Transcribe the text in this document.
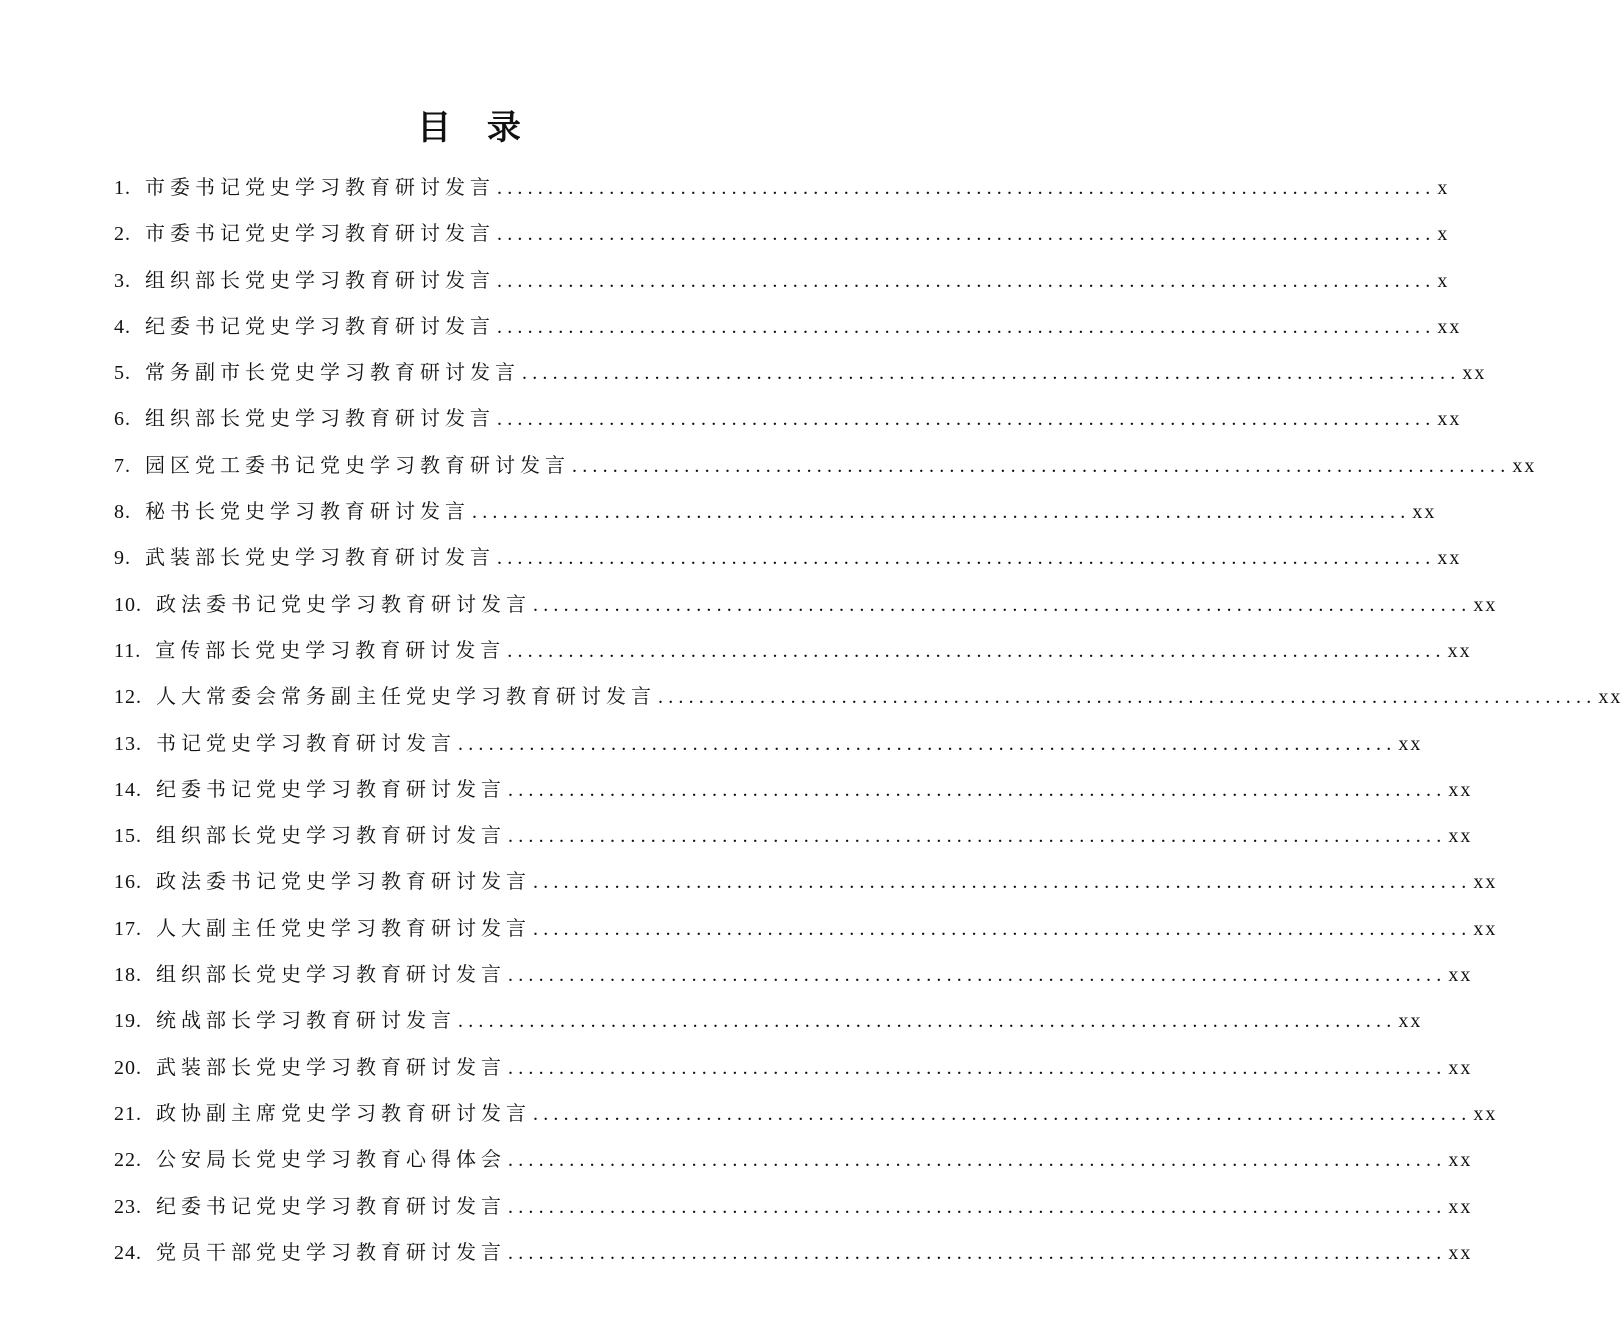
目 录
1. 市委书记党史学习教育研讨发言 ............................................................................................ x
2. 市委书记党史学习教育研讨发言 ............................................................................................ x
3. 组织部长党史学习教育研讨发言 ............................................................................................ x
4. 纪委书记党史学习教育研讨发言 ............................................................................................ xx
5. 常务副市长党史学习教育研讨发言 ............................................................................................ xx
6. 组织部长党史学习教育研讨发言 ............................................................................................ xx
7. 园区党工委书记党史学习教育研讨发言 ............................................................................................ xx
8. 秘书长党史学习教育研讨发言 ............................................................................................ xx
9. 武装部长党史学习教育研讨发言 ............................................................................................ xx
10. 政法委书记党史学习教育研讨发言 ............................................................................................ xx
11. 宣传部长党史学习教育研讨发言 ............................................................................................ xx
12. 人大常委会常务副主任党史学习教育研讨发言 ............................................................................................ xx
13. 书记党史学习教育研讨发言 ............................................................................................ xx
14. 纪委书记党史学习教育研讨发言 ............................................................................................ xx
15. 组织部长党史学习教育研讨发言 ............................................................................................ xx
16. 政法委书记党史学习教育研讨发言 ............................................................................................ xx
17. 人大副主任党史学习教育研讨发言 ............................................................................................ xx
18. 组织部长党史学习教育研讨发言 ............................................................................................ xx
19. 统战部长学习教育研讨发言 ............................................................................................ xx
20. 武装部长党史学习教育研讨发言 ............................................................................................ xx
21. 政协副主席党史学习教育研讨发言 ............................................................................................ xx
22. 公安局长党史学习教育心得体会 ............................................................................................ xx
23. 纪委书记党史学习教育研讨发言 ............................................................................................ xx
24. 党员干部党史学习教育研讨发言 ............................................................................................ xx
